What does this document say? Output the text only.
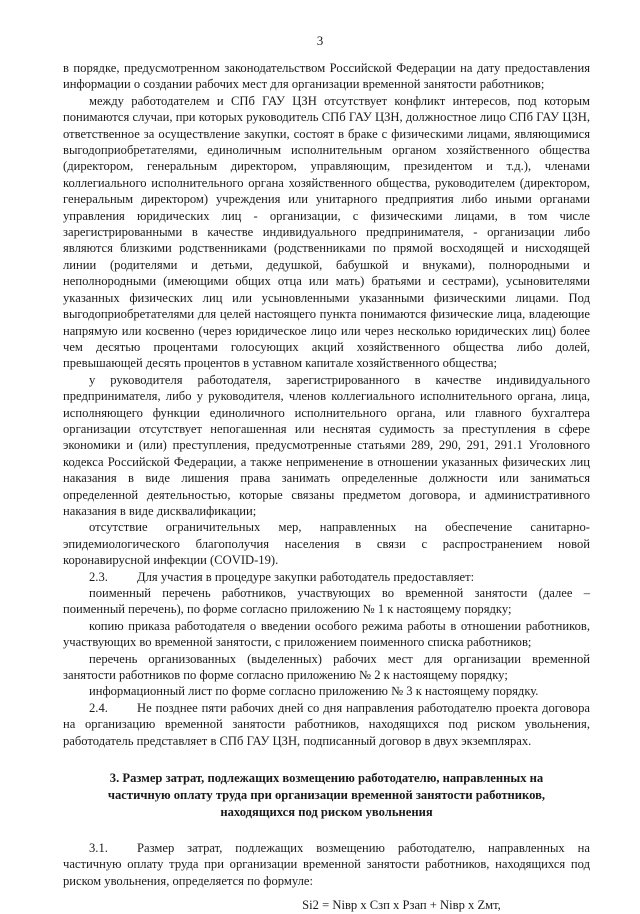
3

в порядке, предусмотренном законодательством Российской Федерации на дату предоставления информации о создании рабочих мест для организации временной занятости работников;

между работодателем и СПб ГАУ ЦЗН отсутствует конфликт интересов, под которым понимаются случаи, при которых руководитель СПб ГАУ ЦЗН, должностное лицо СПб ГАУ ЦЗН, ответственное за осуществление закупки, состоят в браке с физическими лицами, являющимися выгодоприобретателями, единоличным исполнительным органом хозяйственного общества (директором, генеральным директором, управляющим, президентом и т.д.), членами коллегиального исполнительного органа хозяйственного общества, руководителем (директором, генеральным директором) учреждения или унитарного предприятия либо иными органами управления юридических лиц - организации, с физическими лицами, в том числе зарегистрированными в качестве индивидуального предпринимателя, - организации либо являются близкими родственниками (родственниками по прямой восходящей и нисходящей линии (родителями и детьми, дедушкой, бабушкой и внуками), полнородными и неполнородными (имеющими общих отца или мать) братьями и сестрами), усыновителями указанных физических лиц или усыновленными указанными физическими лицами. Под выгодоприобретателями для целей настоящего пункта понимаются физические лица, владеющие напрямую или косвенно (через юридическое лицо или через несколько юридических лиц) более чем десятью процентами голосующих акций хозяйственного общества либо долей, превышающей десять процентов в уставном капитале хозяйственного общества;

у руководителя работодателя, зарегистрированного в качестве индивидуального предпринимателя, либо у руководителя, членов коллегиального исполнительного органа, лица, исполняющего функции единоличного исполнительного органа, или главного бухгалтера организации отсутствует непогашенная или неснятая судимость за преступления в сфере экономики и (или) преступления, предусмотренные статьями 289, 290, 291, 291.1 Уголовного кодекса Российской Федерации, а также неприменение в отношении указанных физических лиц наказания в виде лишения права занимать определенные должности или заниматься определенной деятельностью, которые связаны предметом договора, и административного наказания в виде дисквалификации;

отсутствие ограничительных мер, направленных на обеспечение санитарно-эпидемиологического благополучия населения в связи с распространением новой коронавирусной инфекции (COVID-19).

2.3. Для участия в процедуре закупки работодатель предоставляет:

поименный перечень работников, участвующих во временной занятости (далее – поименный перечень), по форме согласно приложению № 1 к настоящему порядку;

копию приказа работодателя о введении особого режима работы в отношении работников, участвующих во временной занятости, с приложением поименного списка работников;

перечень организованных (выделенных) рабочих мест для организации временной занятости работников по форме согласно приложению № 2 к настоящему порядку;

информационный лист по форме согласно приложению № 3 к настоящему порядку.

2.4. Не позднее пяти рабочих дней со дня направления работодателю проекта договора на организацию временной занятости работников, находящихся под риском увольнения, работодатель представляет в СПб ГАУ ЦЗН, подписанный договор в двух экземплярах.

3. Размер затрат, подлежащих возмещению работодателю, направленных на частичную оплату труда при организации временной занятости работников, находящихся под риском увольнения

3.1. Размер затрат, подлежащих возмещению работодателю, направленных на частичную оплату труда при организации временной занятости работников, находящихся под риском увольнения, определяется по формуле:

Si2 = Niвр x Сзп x Рзап + Niвр x Zмт,
